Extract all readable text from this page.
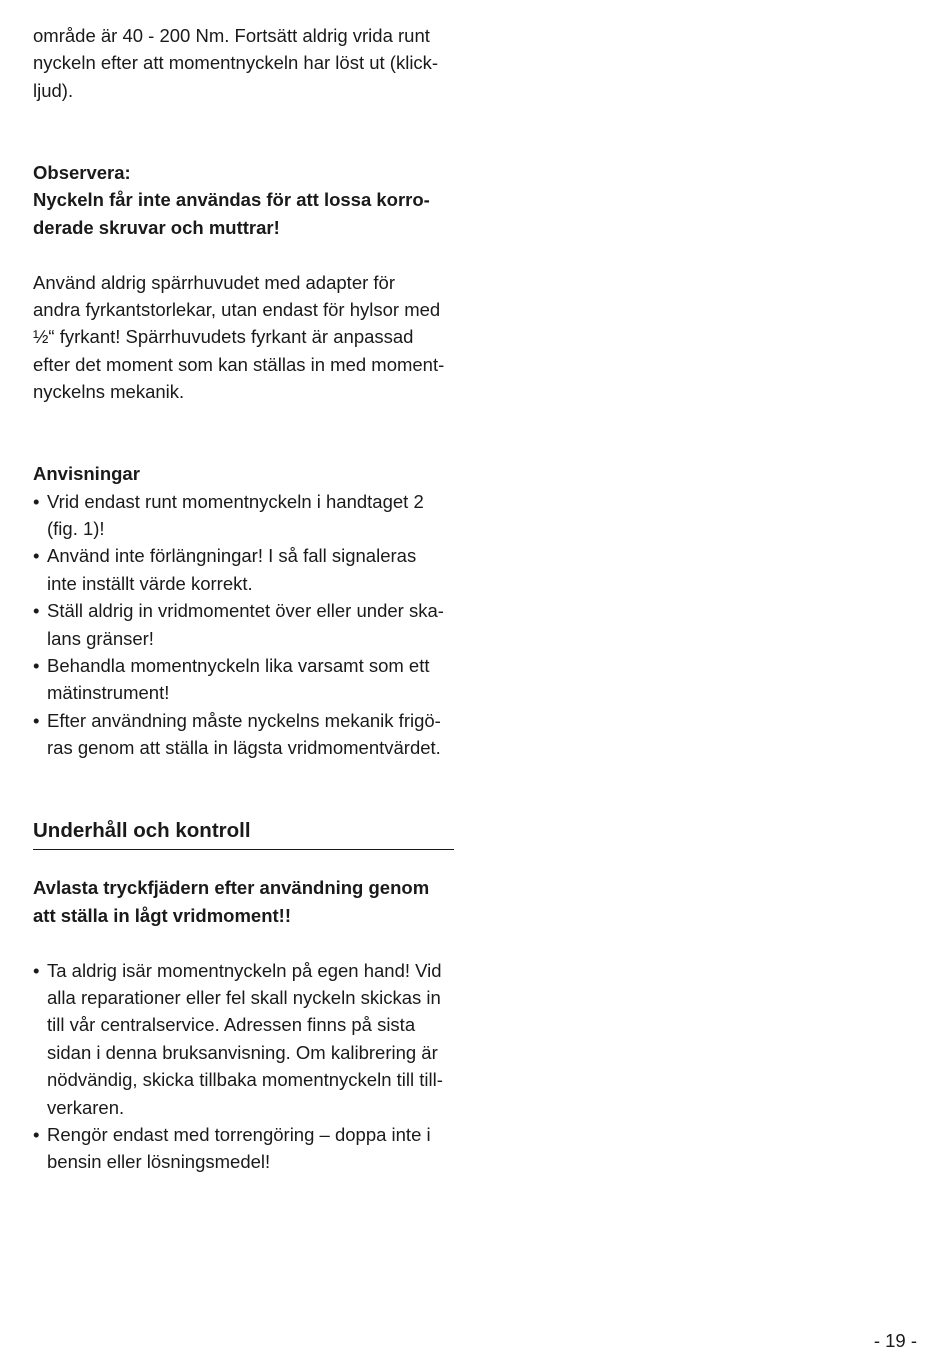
område är 40 - 200 Nm. Fortsätt aldrig vrida runt
nyckeln efter att momentnyckeln har löst ut (klick-
ljud).
Observera:
Nyckeln får inte användas för att lossa korro-
derade skruvar och muttrar!
Använd aldrig spärrhuvudet med adapter för
andra fyrkantstorlekar, utan endast för hylsor med
½“ fyrkant! Spärrhuvudets fyrkant är anpassad
efter det moment som kan ställas in med moment-
nyckelns mekanik.
Anvisningar
• Vrid endast runt momentnyckeln i handtaget 2
(fig. 1)!
• Använd inte förlängningar! I så fall signaleras
inte inställt värde korrekt.
• Ställ aldrig in vridmomentet över eller under ska-
lans gränser!
• Behandla momentnyckeln lika varsamt som ett
mätinstrument!
• Efter användning måste nyckelns mekanik frigö-
ras genom att ställa in lägsta vridmomentvärdet.
Underhåll och kontroll
Avlasta tryckfjädern efter användning genom
att ställa in lågt vridmoment!!
• Ta aldrig isär momentnyckeln på egen hand! Vid
alla reparationer eller fel skall nyckeln skickas in
till vår centralservice. Adressen finns på sista
sidan i denna bruksanvisning. Om kalibrering är
nödvändig, skicka tillbaka momentnyckeln till till-
verkaren.
• Rengör endast med torrengöring – doppa inte i
bensin eller lösningsmedel!
- 19 -
